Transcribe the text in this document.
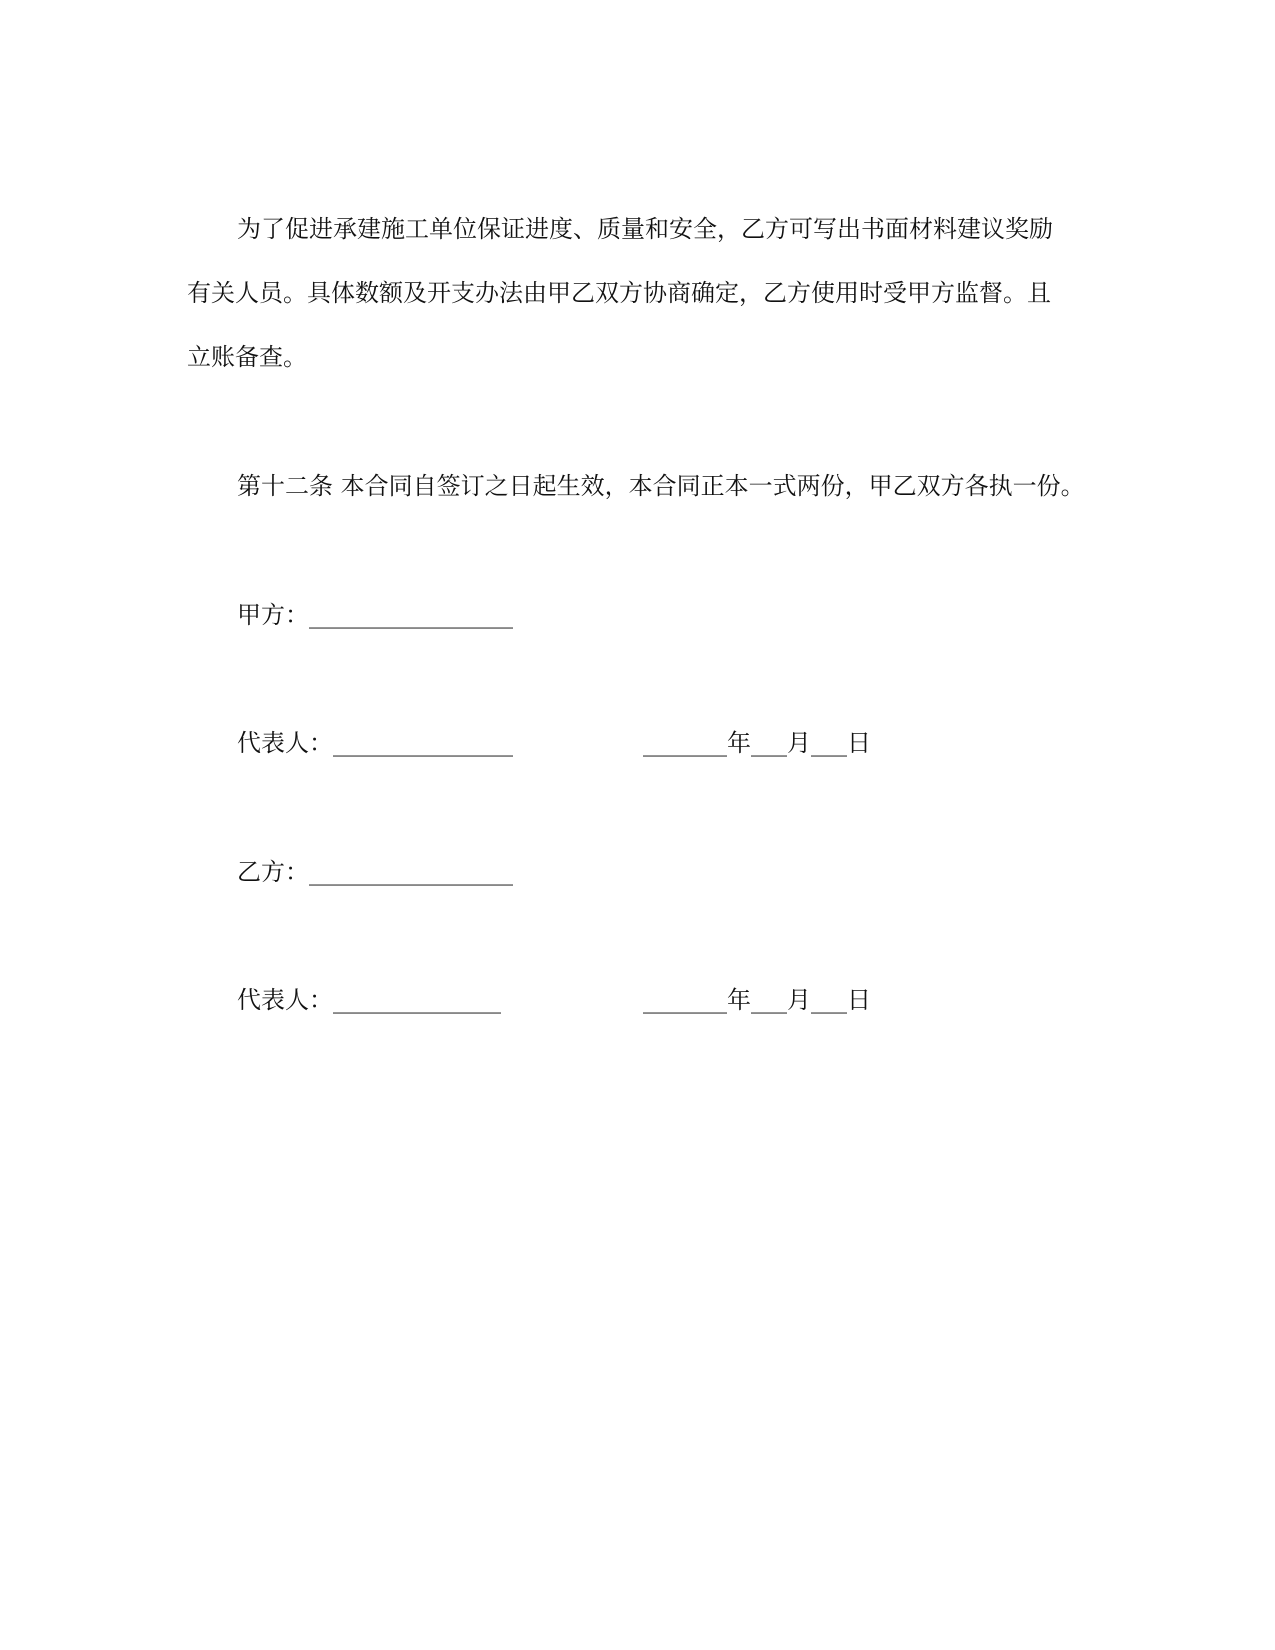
为了促进承建施工单位保证进度、质量和安全，乙方可写出书面材料建议奖励

有关人员。具体数额及开支办法由甲乙双方协商确定，乙方使用时受甲方监督。且

立账备查。

第十二条 本合同自签订之日起生效，本合同正本一式两份，甲乙双方各执一份。

甲方：_________________

代表人：_______________	_______年___月___日

乙方：_________________

代表人：______________	_______年___月___日
